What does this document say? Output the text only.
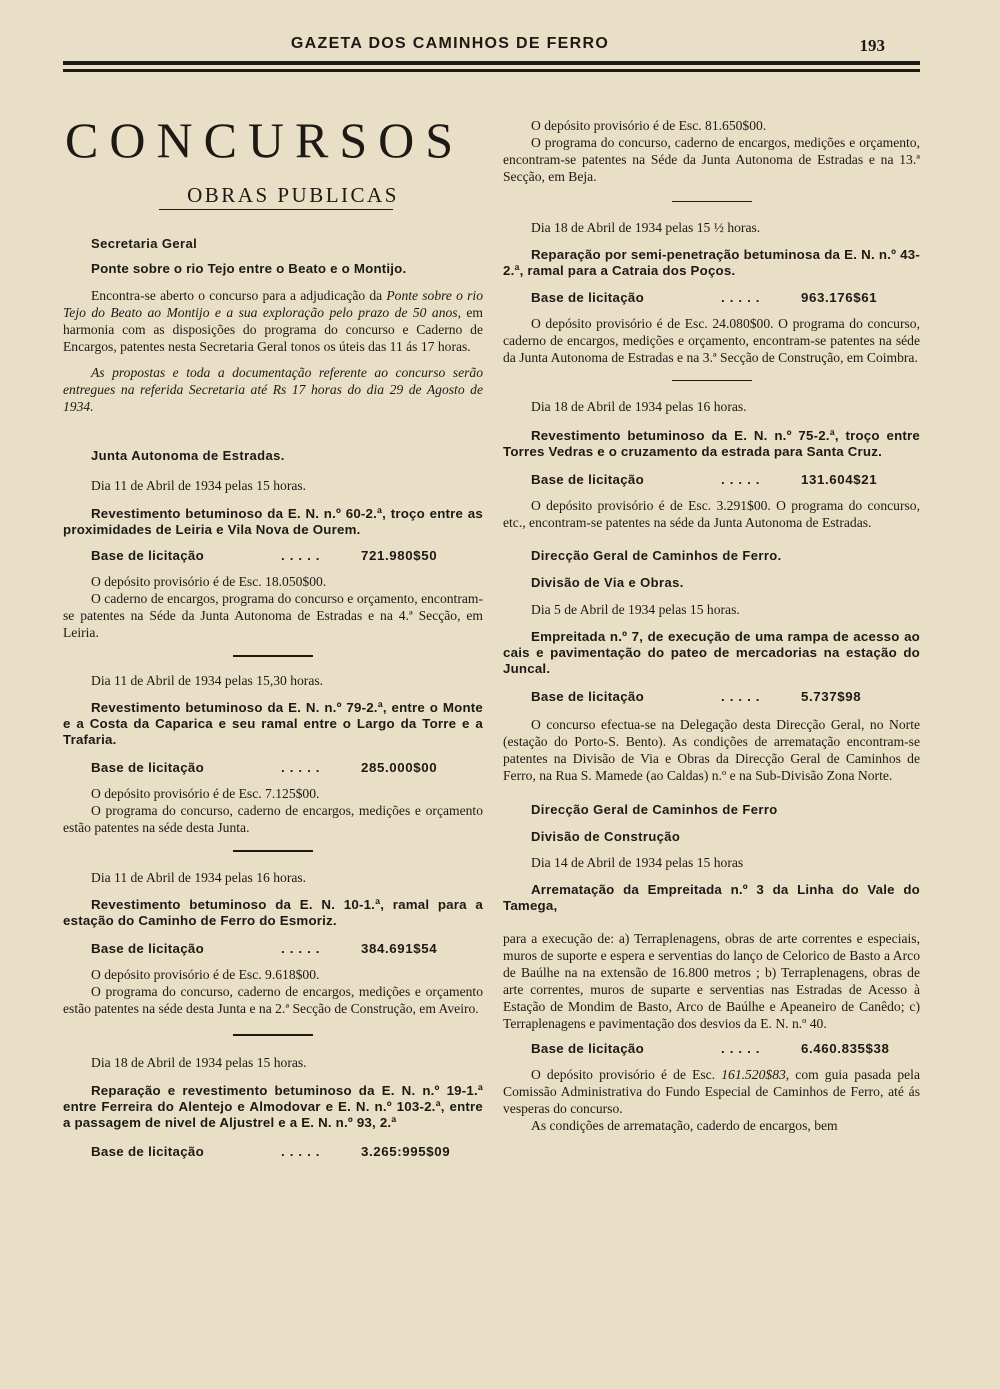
GAZETA DOS CAMINHOS DE FERRO	193
CONCURSOS
OBRAS PUBLICAS
Secretaria Geral
Ponte sobre o rio Tejo entre o Beato e o Montijo.

Encontra-se aberto o concurso para a adjudicação da Ponte sobre o rio Tejo do Beato ao Montijo e a sua exploração pelo prazo de 50 anos, em harmonia com as disposições do programa do concurso e Caderno de Encargos, patentes nesta Secretaria Geral tonos os úteis das 11 ás 17 horas.

As propostas e toda a documentação referente ao concurso serão entregues na referida Secretaria até Rs 17 horas do dia 29 de Agosto de 1934.

Junta Autonoma de Estradas.
Dia 11 de Abril de 1934 pelas 15 horas.
Revestimento betuminoso da E. N. n.º 60-2.ª, troço entre as proximidades de Leiria e Vila Nova de Ourem.
Base de licitação	.....	721.980$50

O depósito provisório é de Esc. 18.050$00.

O caderno de encargos, programa do concurso e orçamento, encontram-se patentes na Séde da Junta Autonoma de Estradas e na 4.ª Secção, em Leiria.

Dia 11 de Abril de 1934 pelas 15,30 horas.
Revestimento betuminoso da E. N. n.º 79-2.ª, entre o Monte e a Costa da Caparica e seu ramal entre o Largo da Torre e a Trafaria.
Base de licitação	.....	285.000$00

O depósito provisório é de Esc. 7.125$00.

O programa do concurso, caderno de encargos, medições e orçamento estão patentes na séde desta Junta.

Dia 11 de Abril de 1934 pelas 16 horas.
Revestimento betuminoso da E. N. 10-1.ª, ramal para a estação do Caminho de Ferro do Esmoriz.
Base de licitação	.....	384.691$54

O depósito provisório é de Esc. 9.618$00.

O programa do concurso, caderno de encargos, medições e orçamento estão patentes na séde desta Junta e na 2.ª Secção de Construção, em Aveiro.

Dia 18 de Abril de 1934 pelas 15 horas.
Reparação e revestimento betuminoso da E. N. n.º 19-1.ª entre Ferreira do Alentejo e Almodovar e E. N. n.º 103-2.ª, entre a passagem de nivel de Aljustrel e a E. N. n.º 93, 2.ª
Base de licitação	.....	3.265:995$09

O depósito provisório é de Esc. 81.650$00.

O programa do concurso, caderno de encargos, medições e orçamento, encontram-se patentes na Séde da Junta Autonoma de Estradas e na 13.ª Secção, em Beja.

Dia 18 de Abril de 1934 pelas 15 ½ horas.
Reparação por semi-penetração betuminosa da E. N. n.º 43-2.ª, ramal para a Catraia dos Poços.
Base de licitação	.....	963.176$61

O depósito provisório é de Esc. 24.080$00. O programa do concurso, caderno de encargos, medições e orçamento, encontram-se patentes na séde da Junta Autonoma de Estradas e na 3.ª Secção de Construção, em Coimbra.

Dia 18 de Abril de 1934 pelas 16 horas.
Revestimento betuminoso da E. N. n.º 75-2.ª, troço entre Torres Vedras e o cruzamento da estrada para Santa Cruz.
Base de licitação	.....	131.604$21

O depósito provisório é de Esc. 3.291$00. O programa do concurso, etc., encontram-se patentes na séde da Junta Autonoma de Estradas.

Direcção Geral de Caminhos de Ferro.
Divisão de Via e Obras.
Dia 5 de Abril de 1934 pelas 15 horas.
Empreitada n.º 7, de execução de uma rampa de acesso ao cais e pavimentação do pateo de mercadorias na estação do Juncal.
Base de licitação	.....	5.737$98

O concurso efectua-se na Delegação desta Direcção Geral, no Norte (estação do Porto-S. Bento). As condições de arrematação encontram-se patentes na Divisão de Via e Obras da Direcção Geral de Caminhos de Ferro, na Rua S. Mamede (ao Caldas) n.º e na Sub-Divisão Zona Norte.

Direcção Geral de Caminhos de Ferro
Divisão de Construção
Dia 14 de Abril de 1934 pelas 15 horas
Arrematação da Empreitada n.º 3 da Linha do Vale do Tamega,

para a execução de: a) Terraplenagens, obras de arte correntes e especiais, muros de suporte e espera e serventias do lanço de Celorico de Basto a Arco de Baúlhe na na extensão de 16.800 metros ; b) Terraplenagens, obras de arte correntes, muros de suparte e serventias nas Estradas de Acesso à Estação de Mondim de Basto, Arco de Baúlhe e Apeaneiro de Canêdo; c) Terraplenagens e pavimentação dos desvios da E. N. n.º 40.

Base de licitação	.....	6.460.835$38

O depósito provisório é de Esc. 161.520$83, com guia pasada pela Comissão Administrativa do Fundo Especial de Caminhos de Ferro, até ás vesperas do concurso.

As condições de arrematação, caderdo de encargos, bem
